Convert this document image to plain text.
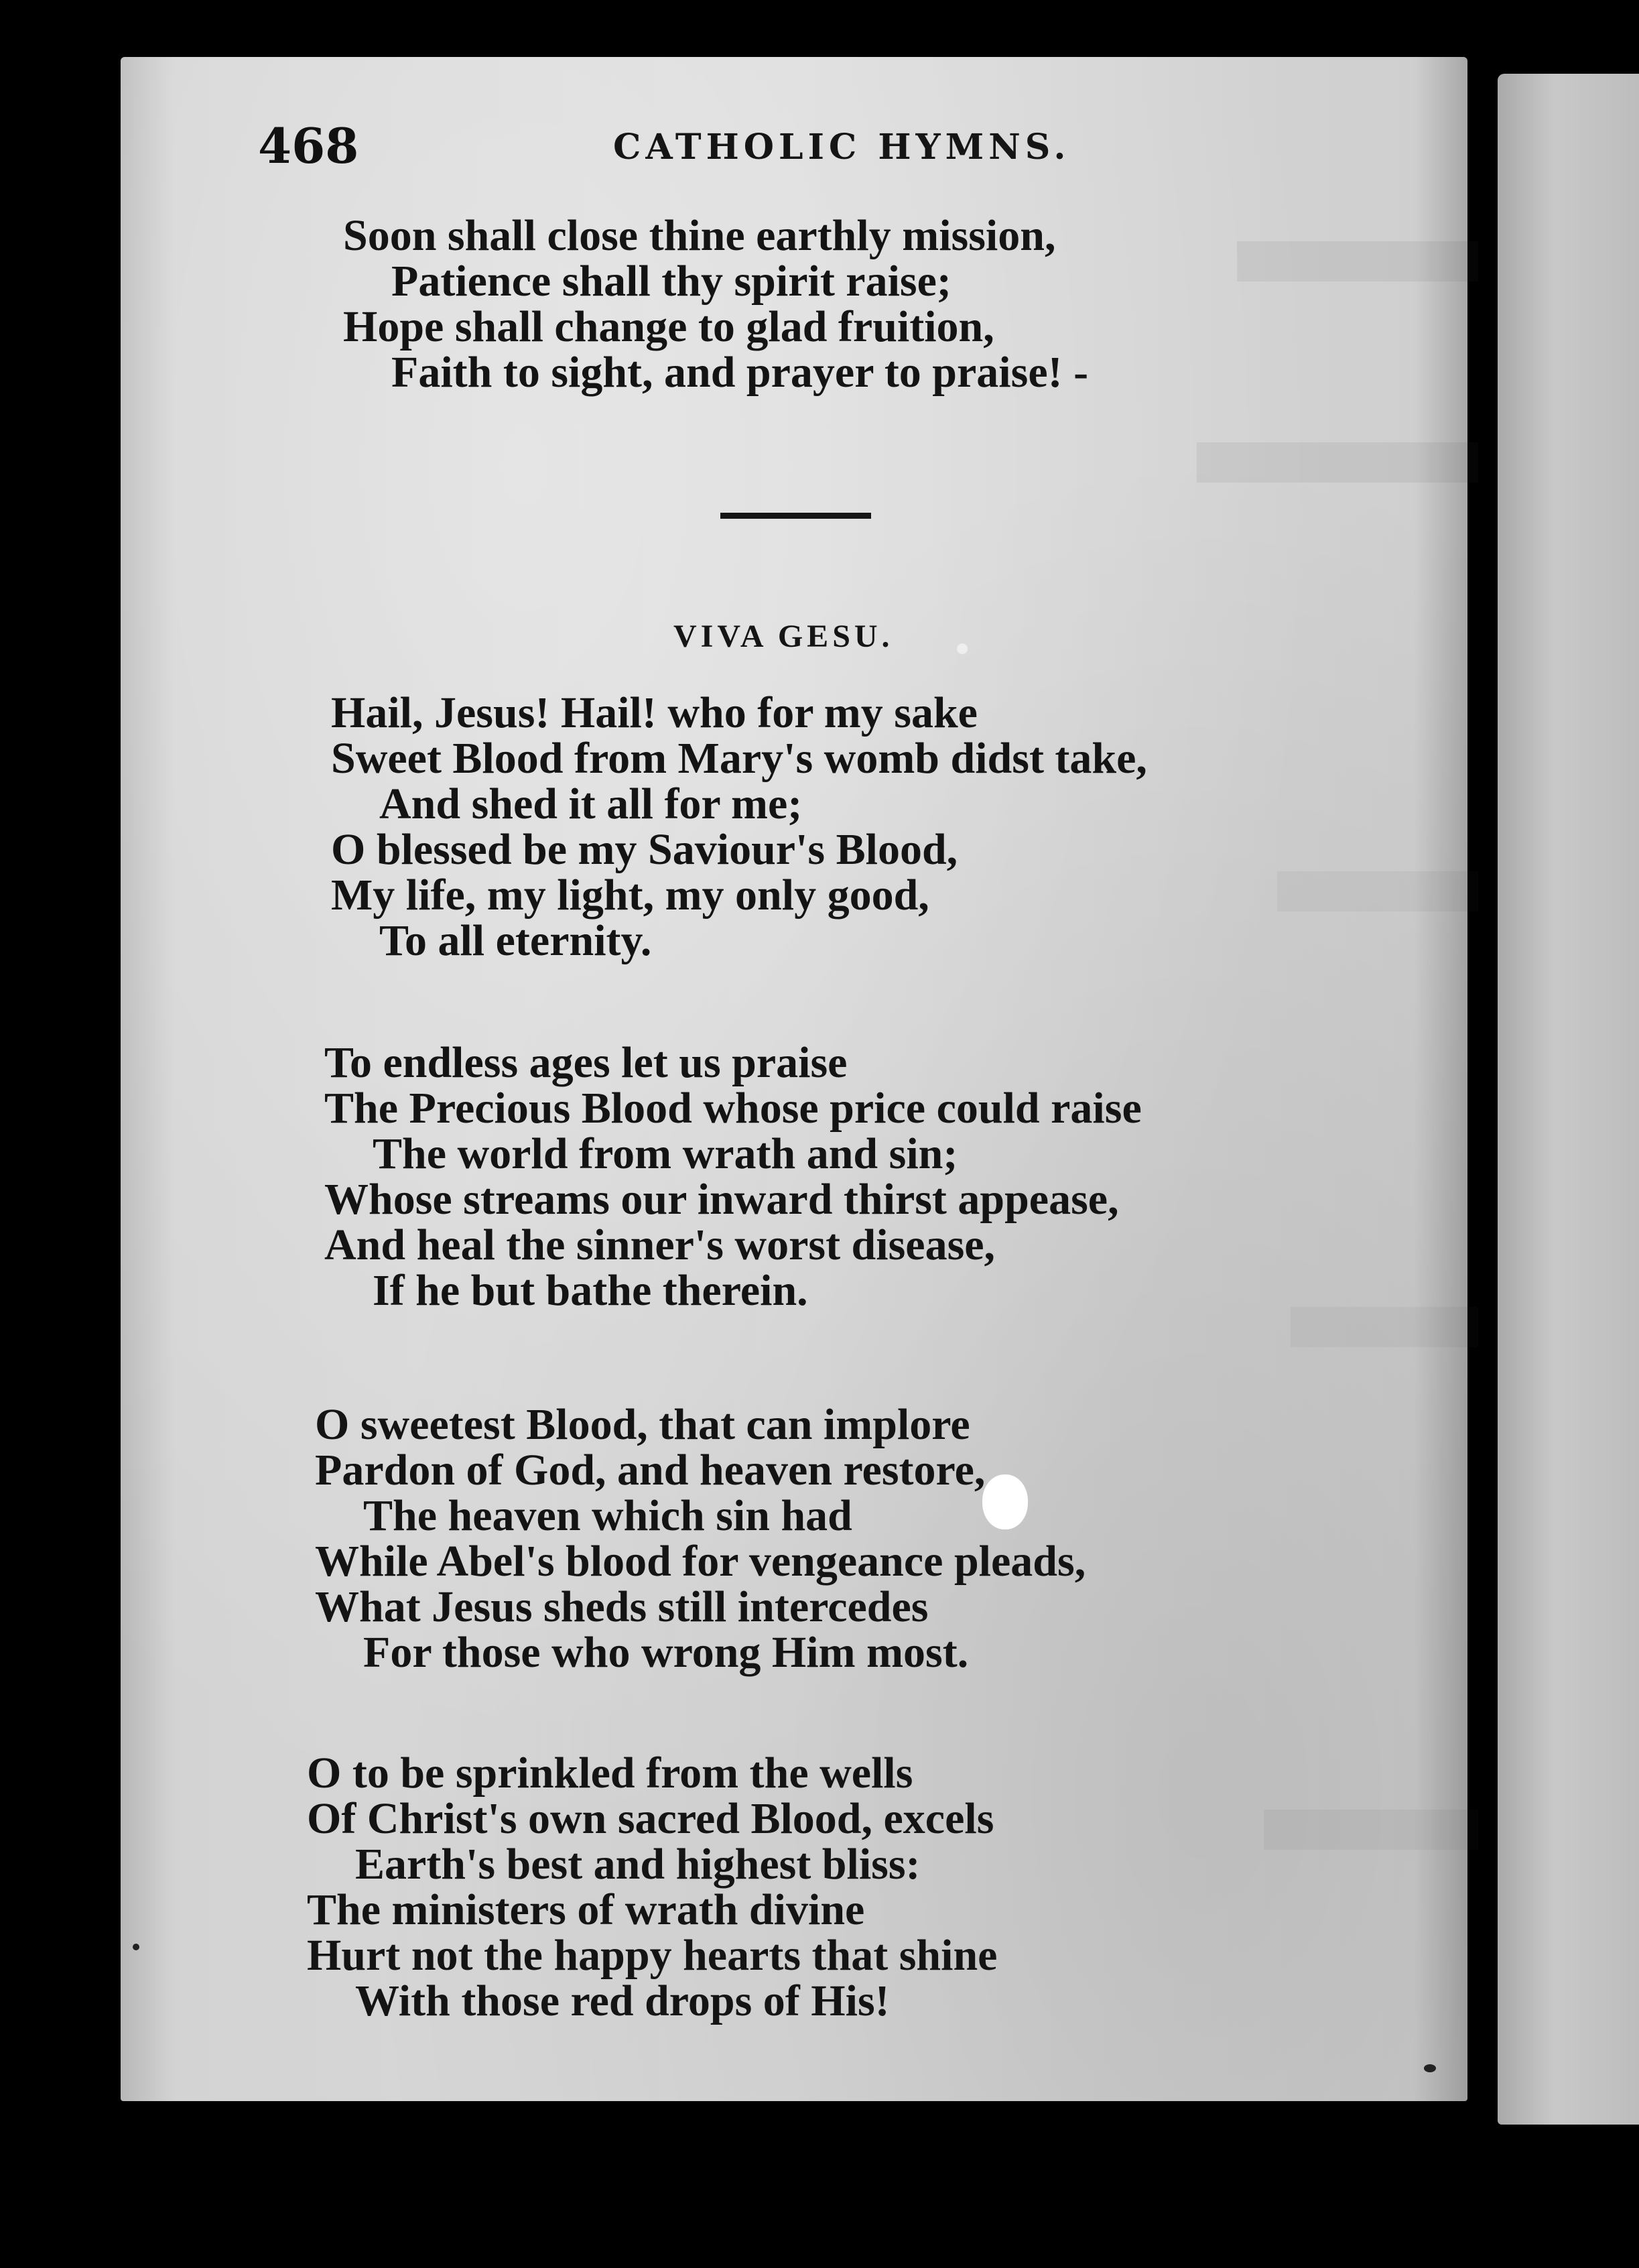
468	CATHOLIC HYMNS.
Soon shall close thine earthly mission,
Patience shall thy spirit raise;
Hope shall change to glad fruition,
Faith to sight, and prayer to praise! -
VIVA GESU.
Hail, Jesus! Hail! who for my sake
Sweet Blood from Mary's womb didst take,
And shed it all for me;
O blessed be my Saviour's Blood,
My life, my light, my only good,
To all eternity.
To endless ages let us praise
The Precious Blood whose price could raise
The world from wrath and sin;
Whose streams our inward thirst appease,
And heal the sinner's worst disease,
If he but bathe therein.
O sweetest Blood, that can implore
Pardon of God, and heaven restore,
The heaven which sin had
While Abel's blood for vengeance pleads,
What Jesus sheds still intercedes
For those who wrong Him most.
O to be sprinkled from the wells
Of Christ's own sacred Blood, excels
Earth's best and highest bliss:
The ministers of wrath divine
Hurt not the happy hearts that shine
With those red drops of His!
